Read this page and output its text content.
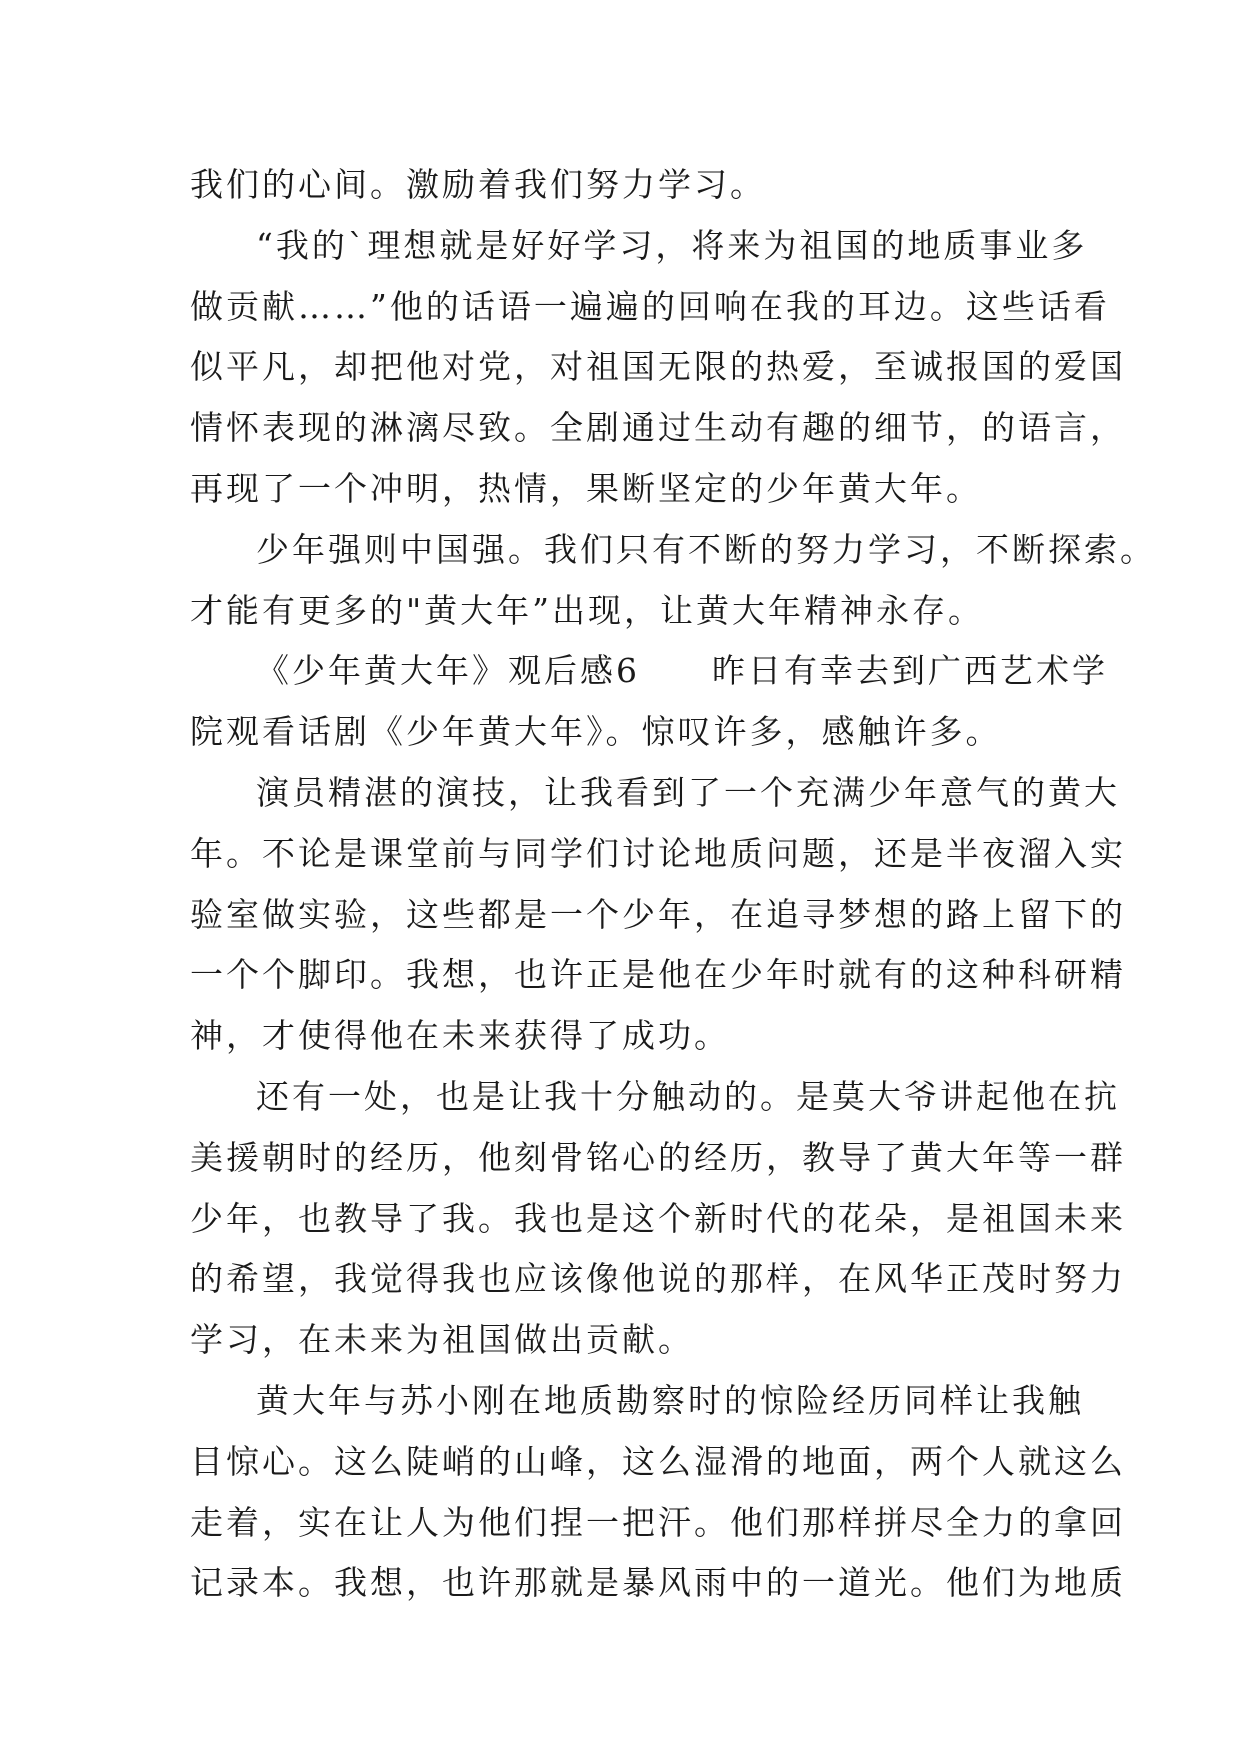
我们的心间。激励着我们努力学习。
“我的`理想就是好好学习，将来为祖国的地质事业多
做贡献……”他的话语一遍遍的回响在我的耳边。这些话看
似平凡，却把他对党，对祖国无限的热爱，至诚报国的爱国
情怀表现的淋漓尽致。全剧通过生动有趣的细节，的语言，
再现了一个冲明，热情，果断坚定的少年黄大年。
少年强则中国强。我们只有不断的努力学习，不断探索。
才能有更多的"黄大年”出现，让黄大年精神永存。
《少年黄大年》观后感6　　昨日有幸去到广西艺术学
院观看话剧《少年黄大年》。惊叹许多，感触许多。
演员精湛的演技，让我看到了一个充满少年意气的黄大
年。不论是课堂前与同学们讨论地质问题，还是半夜溜入实
验室做实验，这些都是一个少年，在追寻梦想的路上留下的
一个个脚印。我想，也许正是他在少年时就有的这种科研精
神，才使得他在未来获得了成功。
还有一处，也是让我十分触动的。是莫大爷讲起他在抗
美援朝时的经历，他刻骨铭心的经历，教导了黄大年等一群
少年，也教导了我。我也是这个新时代的花朵，是祖国未来
的希望，我觉得我也应该像他说的那样，在风华正茂时努力
学习，在未来为祖国做出贡献。
黄大年与苏小刚在地质勘察时的惊险经历同样让我触
目惊心。这么陡峭的山峰，这么湿滑的地面，两个人就这么
走着，实在让人为他们捏一把汗。他们那样拼尽全力的拿回
记录本。我想，也许那就是暴风雨中的一道光。他们为地质
